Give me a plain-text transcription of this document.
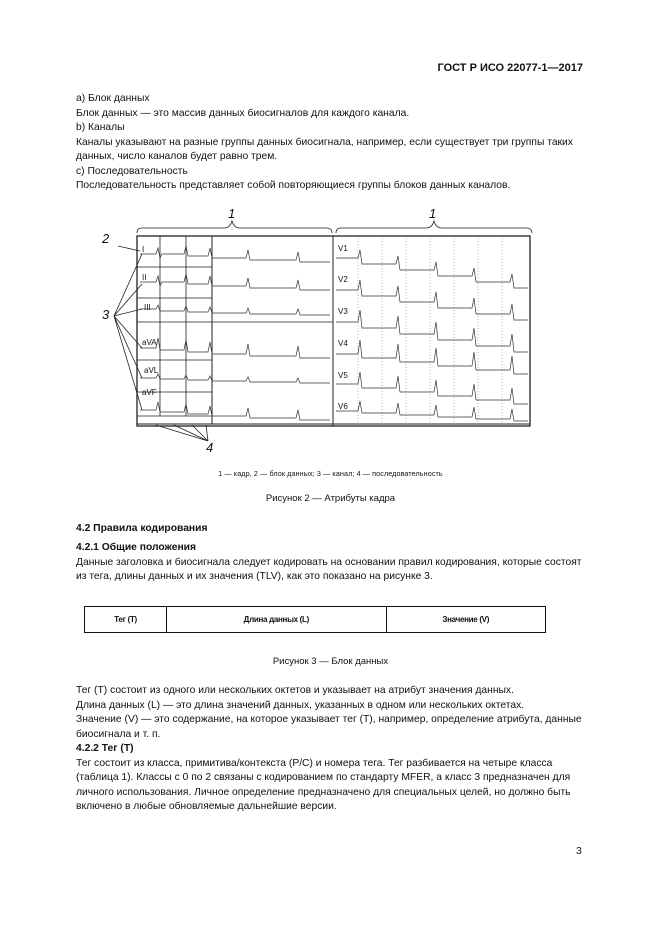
ГОСТ Р ИСО 22077-1—2017

a) Блок данных

Блок данных — это массив данных биосигналов для каждого канала.

b) Каналы

Каналы указывают на разные группы данных биосигнала, например, если существует три группы таких данных, число каналов будет равно трем.

c) Последовательность

Последовательность представляет собой повторяющиеся группы блоков данных каналов.

I
II
III
aVA
aVL
aVF
V1
V2
V3
V4
V5
V6
1	1
2
3
4
1 — кадр, 2 — блок данных; 3 — канал; 4 — последовательность
Рисунок 2 — Атрибуты кадра

4.2 Правила кодирования

4.2.1 Общие положения

Данные заголовка и биосигнала следует кодировать на основании правил кодирования, которые состоят из тега, длины данных и их значения (TLV), как это показано на рисунке 3.

Тег (T)	Длина данных (L)	Значение (V)
Рисунок 3 — Блок данных

Тег (T) состоит из одного или нескольких октетов и указывает на атрибут значения данных.

Длина данных (L) — это длина значений данных, указанных в одном или нескольких октетах.

Значение (V) — это содержание, на которое указывает тег (T), например, определение атрибута, данные биосигнала и т. п.

4.2.2 Тег (T)

Тег состоит из класса, примитива/контекста (P/C) и номера тега. Тег разбивается на четыре класса (таблица 1). Классы с 0 по 2 связаны с кодированием по стандарту MFER, а класс 3 предназначен для личного использования. Личное определение предназначено для специальных целей, но должно быть включено в любые обновляемые дальнейшие версии.

3
